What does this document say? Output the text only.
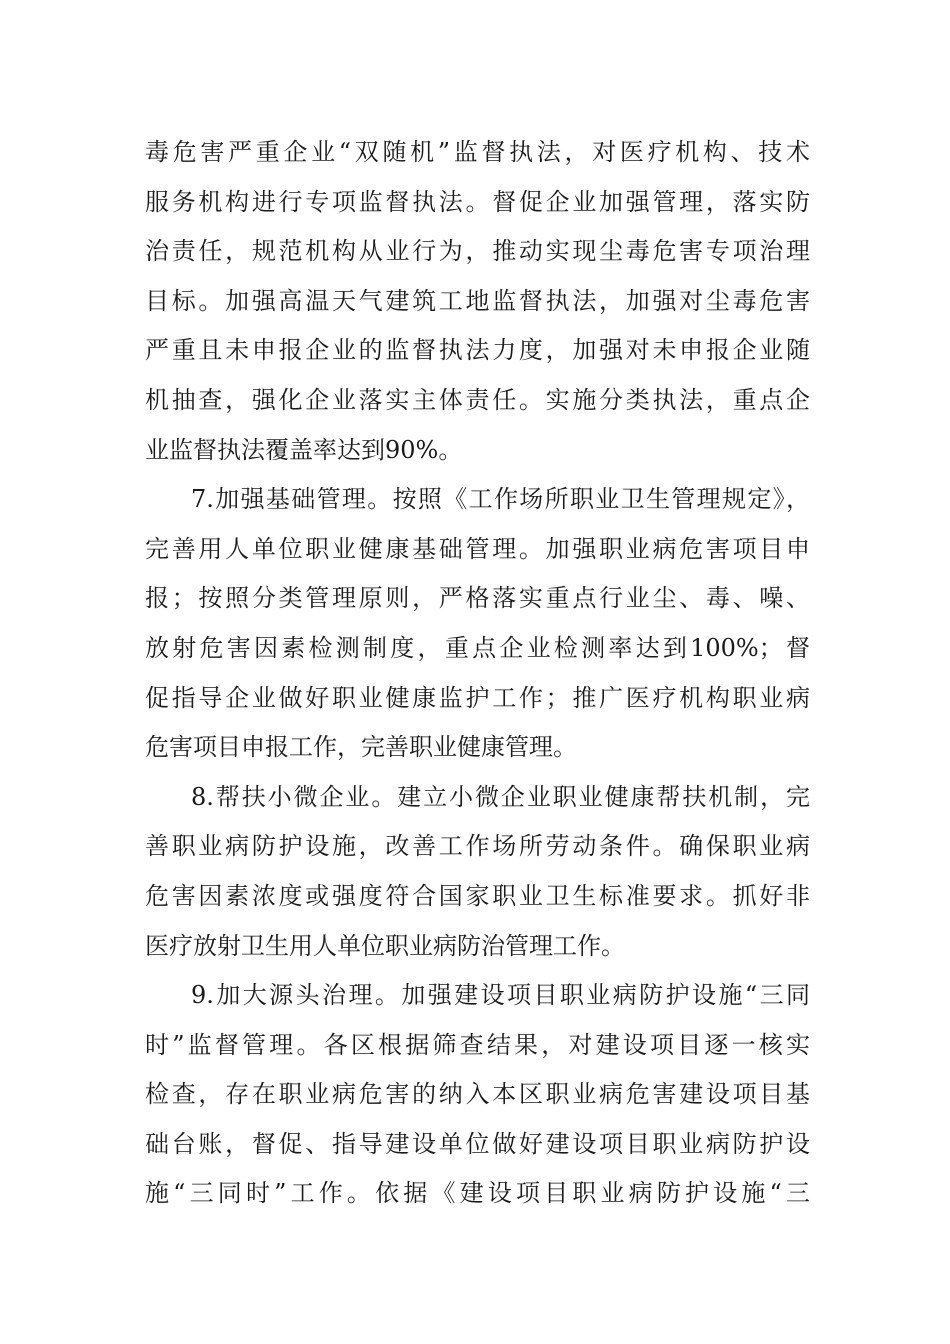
毒危害严重企业“双随机”监督执法，对医疗机构、技术
服务机构进行专项监督执法。督促企业加强管理，落实防
治责任，规范机构从业行为，推动实现尘毒危害专项治理
目标。加强高温天气建筑工地监督执法，加强对尘毒危害
严重且未申报企业的监督执法力度，加强对未申报企业随
机抽查，强化企业落实主体责任。实施分类执法，重点企
业监督执法覆盖率达到90%。
7.加强基础管理。按照《工作场所职业卫生管理规定》，
完善用人单位职业健康基础管理。加强职业病危害项目申
报；按照分类管理原则，严格落实重点行业尘、毒、噪、
放射危害因素检测制度，重点企业检测率达到100%；督
促指导企业做好职业健康监护工作；推广医疗机构职业病
危害项目申报工作，完善职业健康管理。
8.帮扶小微企业。建立小微企业职业健康帮扶机制，完
善职业病防护设施，改善工作场所劳动条件。确保职业病
危害因素浓度或强度符合国家职业卫生标准要求。抓好非
医疗放射卫生用人单位职业病防治管理工作。
9.加大源头治理。加强建设项目职业病防护设施“三同
时”监督管理。各区根据筛查结果，对建设项目逐一核实
检查，存在职业病危害的纳入本区职业病危害建设项目基
础台账，督促、指导建设单位做好建设项目职业病防护设
施“三同时”工作。依据《建设项目职业病防护设施“三
